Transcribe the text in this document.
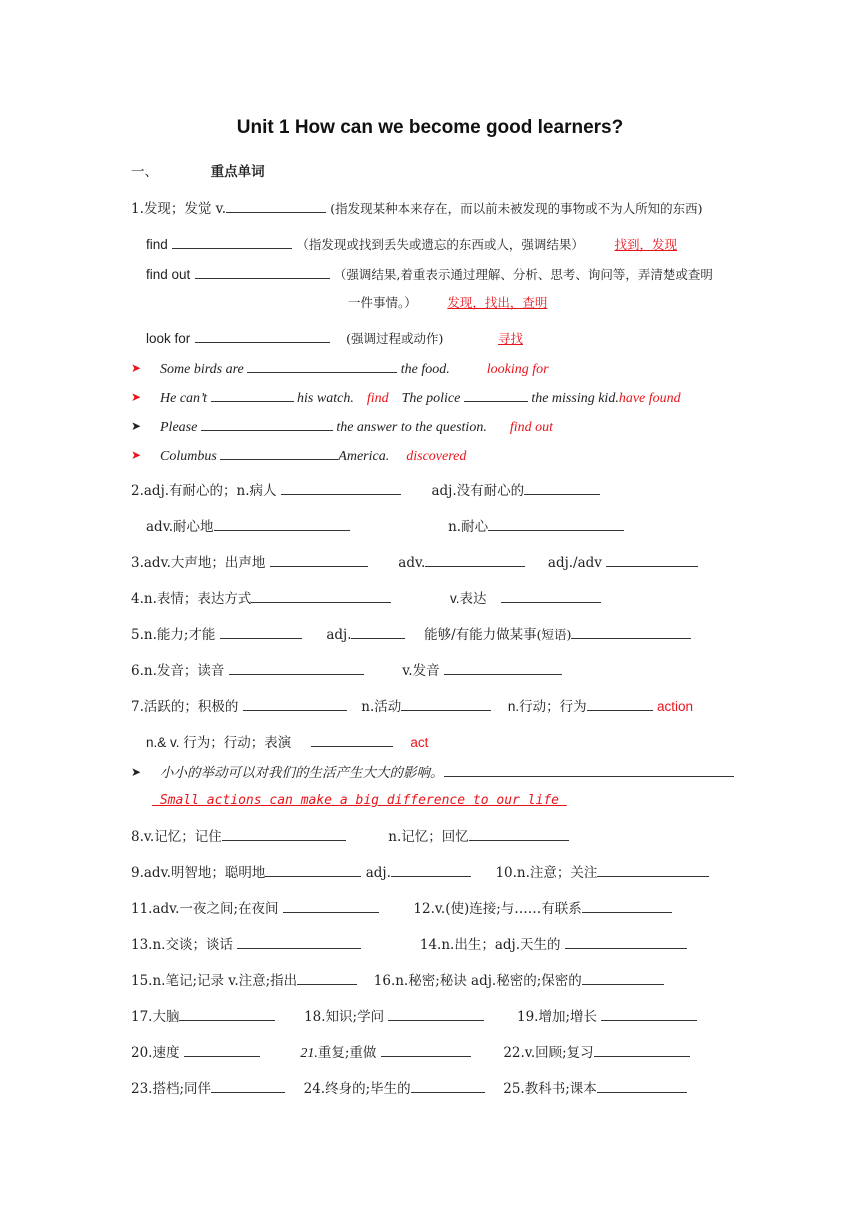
Unit 1 How can we become good learners?
一、	重点单词
1.发现；发觉 v.	(指发现某种本来存在，而以前未被发现的事物或不为人所知的东西)
find	（指发现或找到丢失或遗忘的东西或人，强调结果） 找到，发现
find out	（强调结果,着重表示通过理解、分析、思考、询问等，弄清楚或查明
一件事情。） 发现，找出，查明
look for	(强调过程或动作)	寻找
➤ Some birds are	the food.	looking for
➤ He can’t	his watch. find The police	the missing kid.have found
➤ Please	the answer to the question. find out
➤ Columbus	America. discovered
2.adj.有耐心的；n.病人	adj.没有耐心的
adv.耐心地	n.耐心
3.adv.大声地；出声地	adv.	adj./adv
4.n.表情；表达方式	v.表达
5.n.能力;才能	adj.	能够/有能力做某事(短语)
6.n.发音；读音	v.发音
7.活跃的；积极的	n.活动	n.行动；行为	action
n.& v. 行为；行动；表演	act
➤ 小小的举动可以对我们的生活产生大大的影响。
Small actions can make a big difference to our life
8.v.记忆；记住	n.记忆；回忆
9.adv.明智地；聪明地	adj.	10.n.注意；关注
11.adv.一夜之间;在夜间	12.v.(使)连接;与……有联系
13.n.交谈；谈话	14.n.出生；adj.天生的
15.n.笔记;记录 v.注意;指出	16.n.秘密;秘诀 adj.秘密的;保密的
17.大脑	18.知识;学问	19.增加;增长
20.速度	21.重复;重做	22.v.回顾;复习
23.搭档;同伴	24.终身的;毕生的	25.教科书;课本
